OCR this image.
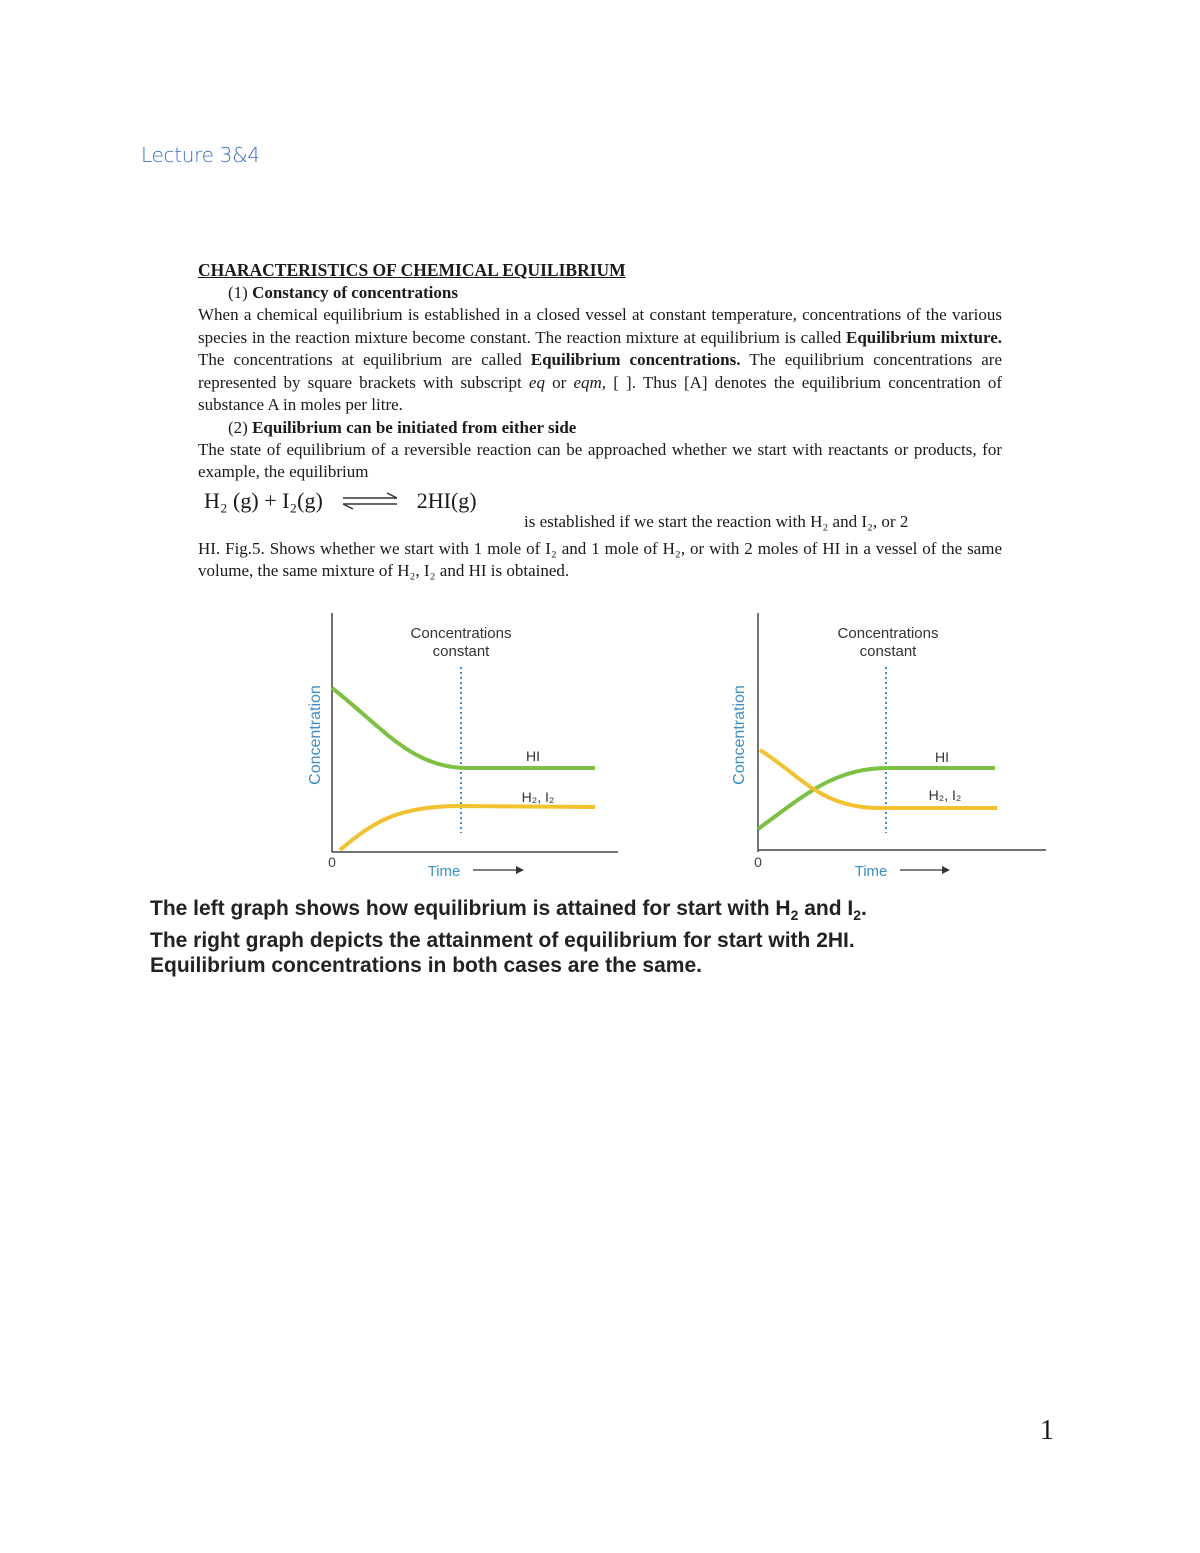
Lecture 3&4

CHARACTERISTICS OF CHEMICAL EQUILIBRIUM

(1) Constancy of concentrations

When a chemical equilibrium is established in a closed vessel at constant temperature, concentrations of the various species in the reaction mixture become constant. The reaction mixture at equilibrium is called Equilibrium mixture. The concentrations at equilibrium are called Equilibrium concentrations. The equilibrium concentrations are represented by square brackets with subscript eq or eqm, [ ]. Thus [A] denotes the equilibrium concentration of substance A in moles per litre.

(2) Equilibrium can be initiated from either side

The state of equilibrium of a reversible reaction can be approached whether we start with reactants or products, for example, the equilibrium

H₂ (g) + I₂(g) ⇌ 2HI(g)
is established if we start the reaction with H₂ and I₂, or 2

HI. Fig.5. Shows whether we start with 1 mole of I₂ and 1 mole of H₂, or with 2 moles of HI in a vessel of the same volume, the same mixture of H₂, I₂ and HI is obtained.

Concentrations
constant
HI
H₂, I₂
Concentration
0
Time
Concentrations
constant
HI
H₂, I₂
Concentration
0
Time
The left graph shows how equilibrium is attained for start with $H_2$ and $I_2$.
The right graph depicts the attainment of equilibrium for start with 2HI.
Equilibrium concentrations in both cases are the same.
1
